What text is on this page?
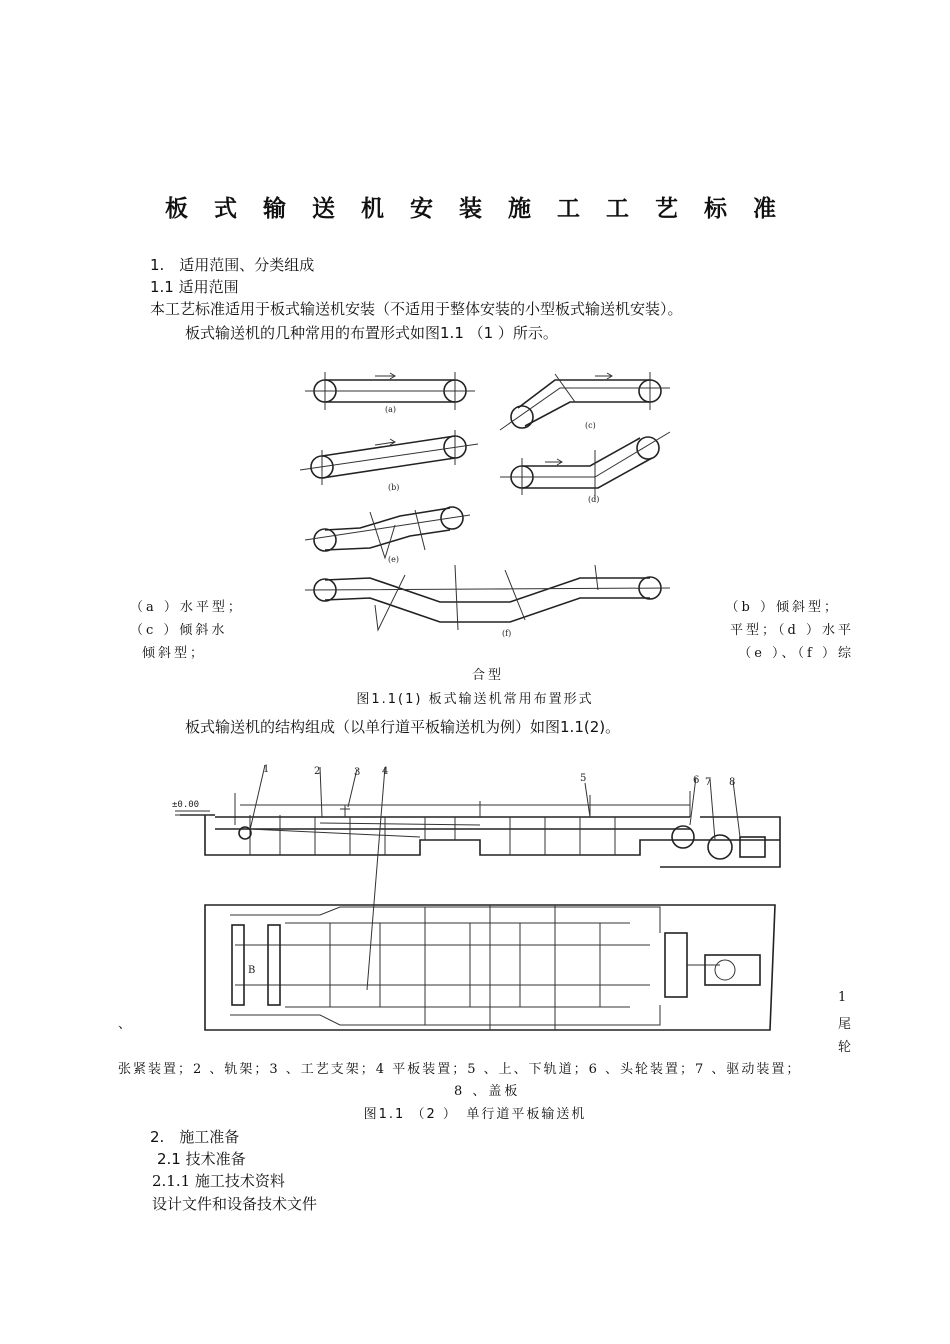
板 式 输 送 机 安 装 施 工 工 艺 标 准
1.　适用范围、分类组成
1.1 适用范围
本工艺标准适用于板式输送机安装（不适用于整体安装的小型板式输送机安装）。
板式输送机的几种常用的布置形式如图1.1 （1 ）所示。
(a)
(c)
(b)
(d)
(e)
(f)
（a ）水平型；
（c ）倾斜水
倾斜型；
（b ）倾斜型；
平型；（d ）水平
（e ）、（f ）综
合型
图1.1(1) 板式输送机常用布置形式
板式输送机的结构组成（以单行道平板输送机为例）如图1.1(2)。
±0.00
1	2	3 4
5	6 7 8
B
1
、	尾
轮
张紧装置；2 、轨架；3 、工艺支架；4 平板装置；5 、上、下轨道；6 、头轮装置；7 、驱动装置；
8 、盖板
图1.1 （2 ）　单行道平板输送机
2.　施工准备
2.1 技术准备
2.1.1 施工技术资料
设计文件和设备技术文件
